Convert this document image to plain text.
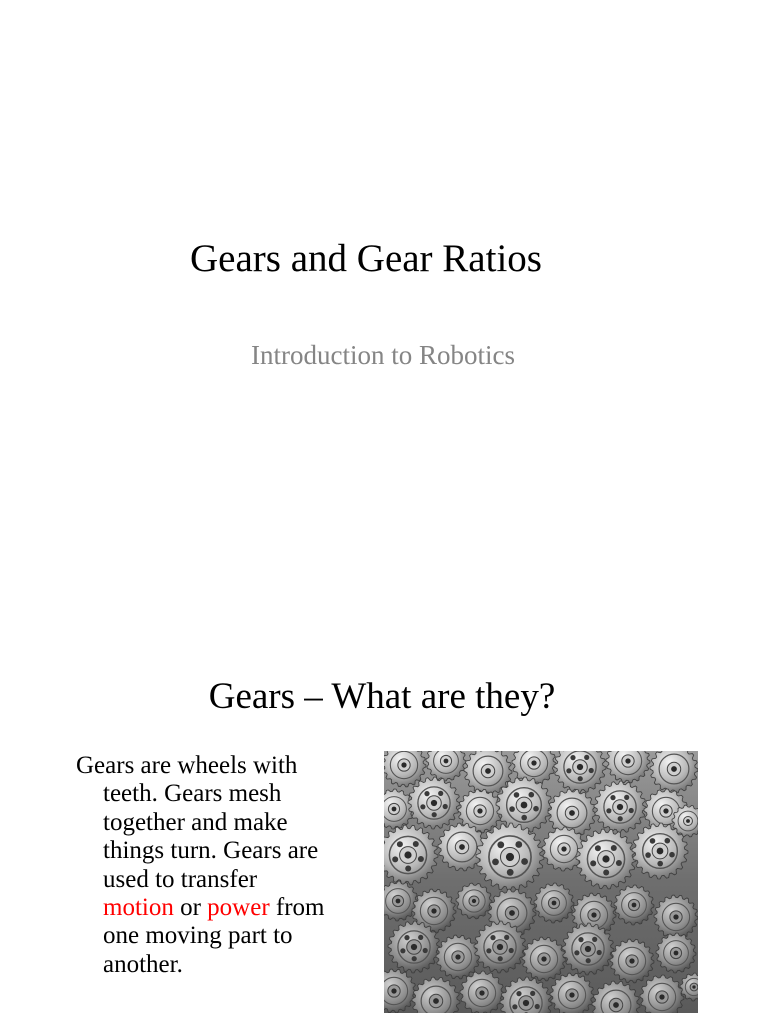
Gears and Gear Ratios
Introduction to Robotics
Gears – What are they?
Gears are wheels with
teeth. Gears mesh
together and make
things turn. Gears are
used to transfer
motion or power from
one moving part to
another.
